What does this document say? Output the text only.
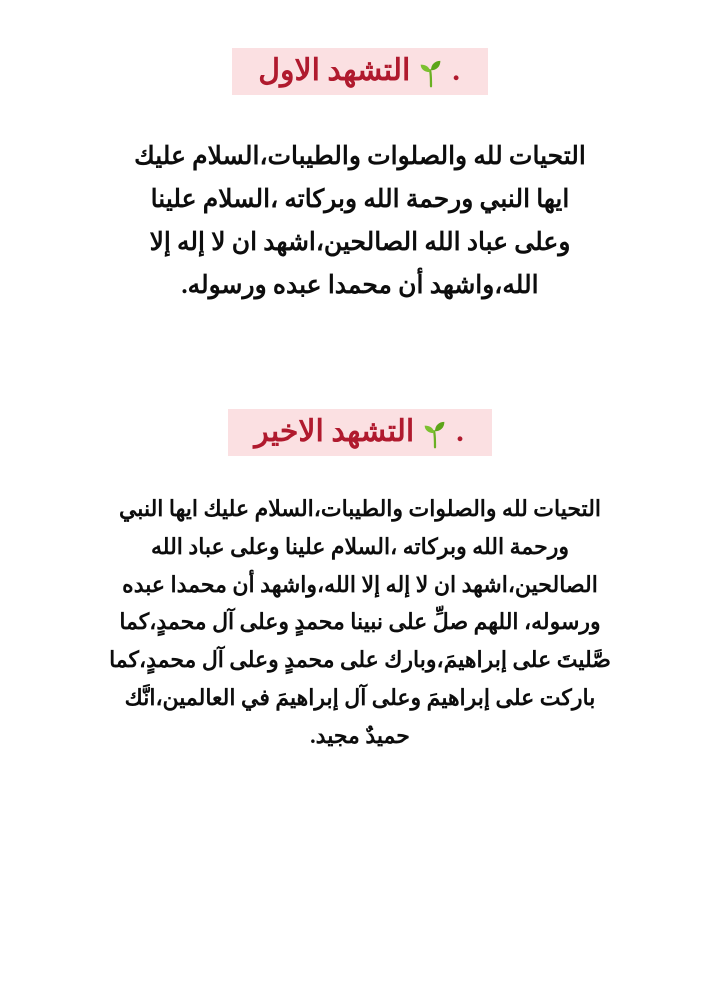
.
التشهد الاول
التحيات لله والصلوات والطيبات،السلام عليك ايها النبي ورحمة الله وبركاته ،السلام علينا وعلى عباد الله الصالحين،اشهد ان لا إله إلا الله،واشهد أن محمدا عبده ورسوله.
.
التشهد الاخير
التحيات لله والصلوات والطيبات،السلام عليك ايها النبي ورحمة الله وبركاته ،السلام علينا وعلى عباد الله الصالحين،اشهد ان لا إله إلا الله،واشهد أن محمدا عبده ورسوله، اللهم صلِّ على نبينا محمدٍ وعلى آل محمدٍ،كما صَّليتَ على إبراهيمَ،وبارك على محمدٍ وعلى آل محمدٍ،كما باركت على إبراهيمَ وعلى آل إبراهيمَ في العالمين،انَّك حميدٌ مجيد.
